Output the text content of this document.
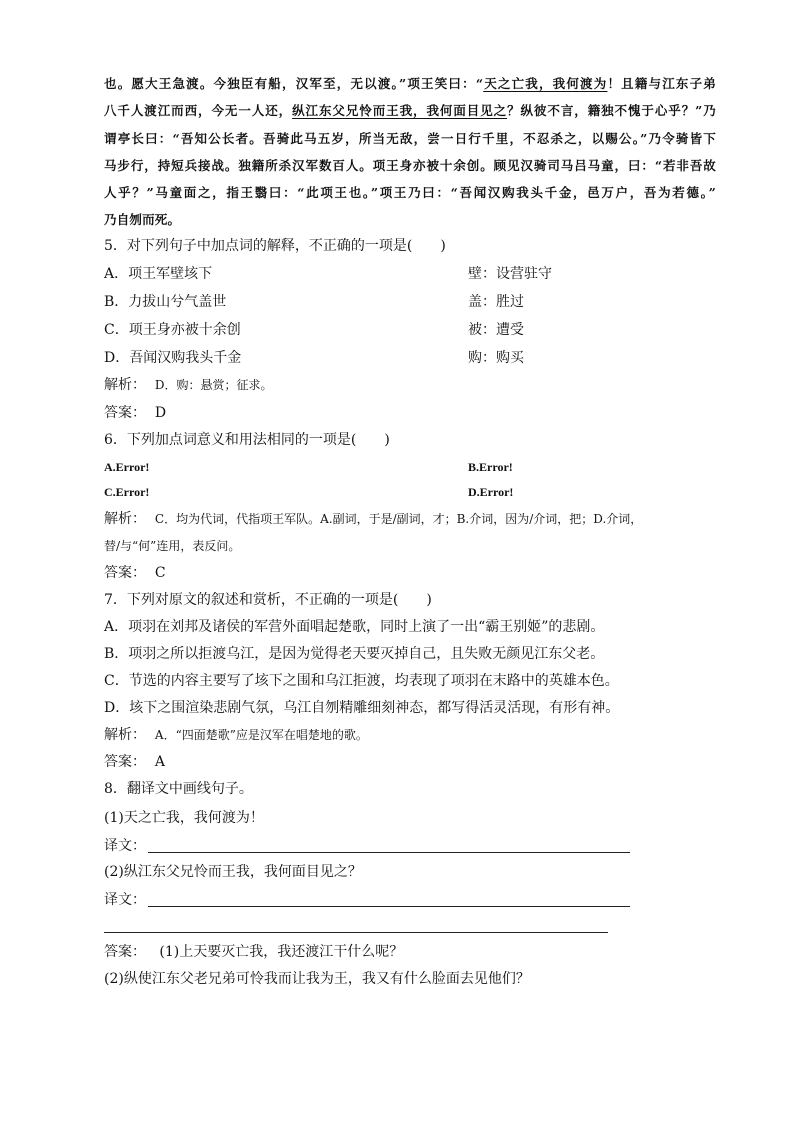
也。愿大王急渡。今独臣有船，汉军至，无以渡。”项王笑曰：“天之亡我，我何渡为！且籍与江东子弟

八千人渡江而西，今无一人还，纵江东父兄怜而王我，我何面目见之？纵彼不言，籍独不愧于心乎？”乃

谓亭长曰：“吾知公长者。吾骑此马五岁，所当无敌，尝一日行千里，不忍杀之，以赐公。”乃令骑皆下

马步行，持短兵接战。独籍所杀汉军数百人。项王身亦被十余创。顾见汉骑司马吕马童，曰：“若非吾故

人乎？”马童面之，指王翳曰：“此项王也。”项王乃曰：“吾闻汉购我头千金，邑万户，吾为若德。”

乃自刎而死。

5．对下列句子中加点词的解释，不正确的一项是(　　)
A．项王军壁垓下	壁：设营驻守
B．力拔山兮气盖世	盖：胜过
C．项王身亦被十余创	被：遭受
D．吾闻汉购我头千金	购：购买
解析： D．购：悬赏；征求。
答案： D
6．下列加点词意义和用法相同的一项是(　　)
A.Error!	B.Error!
C.Error!	D.Error!
解析： C．均为代词，代指项王军队。A.副词，于是/副词，才；B.介词，因为/介词，把；D.介词，
替/与“何”连用，表反问。
答案： C
7．下列对原文的叙述和赏析，不正确的一项是(　　)
A．项羽在刘邦及诸侯的军营外面唱起楚歌，同时上演了一出“霸王别姬”的悲剧。
B．项羽之所以拒渡乌江，是因为觉得老天要灭掉自己，且失败无颜见江东父老。
C．节选的内容主要写了垓下之围和乌江拒渡，均表现了项羽在末路中的英雄本色。
D．垓下之围渲染悲剧气氛，乌江自刎精雕细刻神态，都写得活灵活现，有形有神。
解析： A．“四面楚歌”应是汉军在唱楚地的歌。
答案： A
8．翻译文中画线句子。
(1)天之亡我，我何渡为！
译文：
(2)纵江东父兄怜而王我，我何面目见之？
译文：
答案： (1)上天要灭亡我，我还渡江干什么呢？
(2)纵使江东父老兄弟可怜我而让我为王，我又有什么脸面去见他们？
